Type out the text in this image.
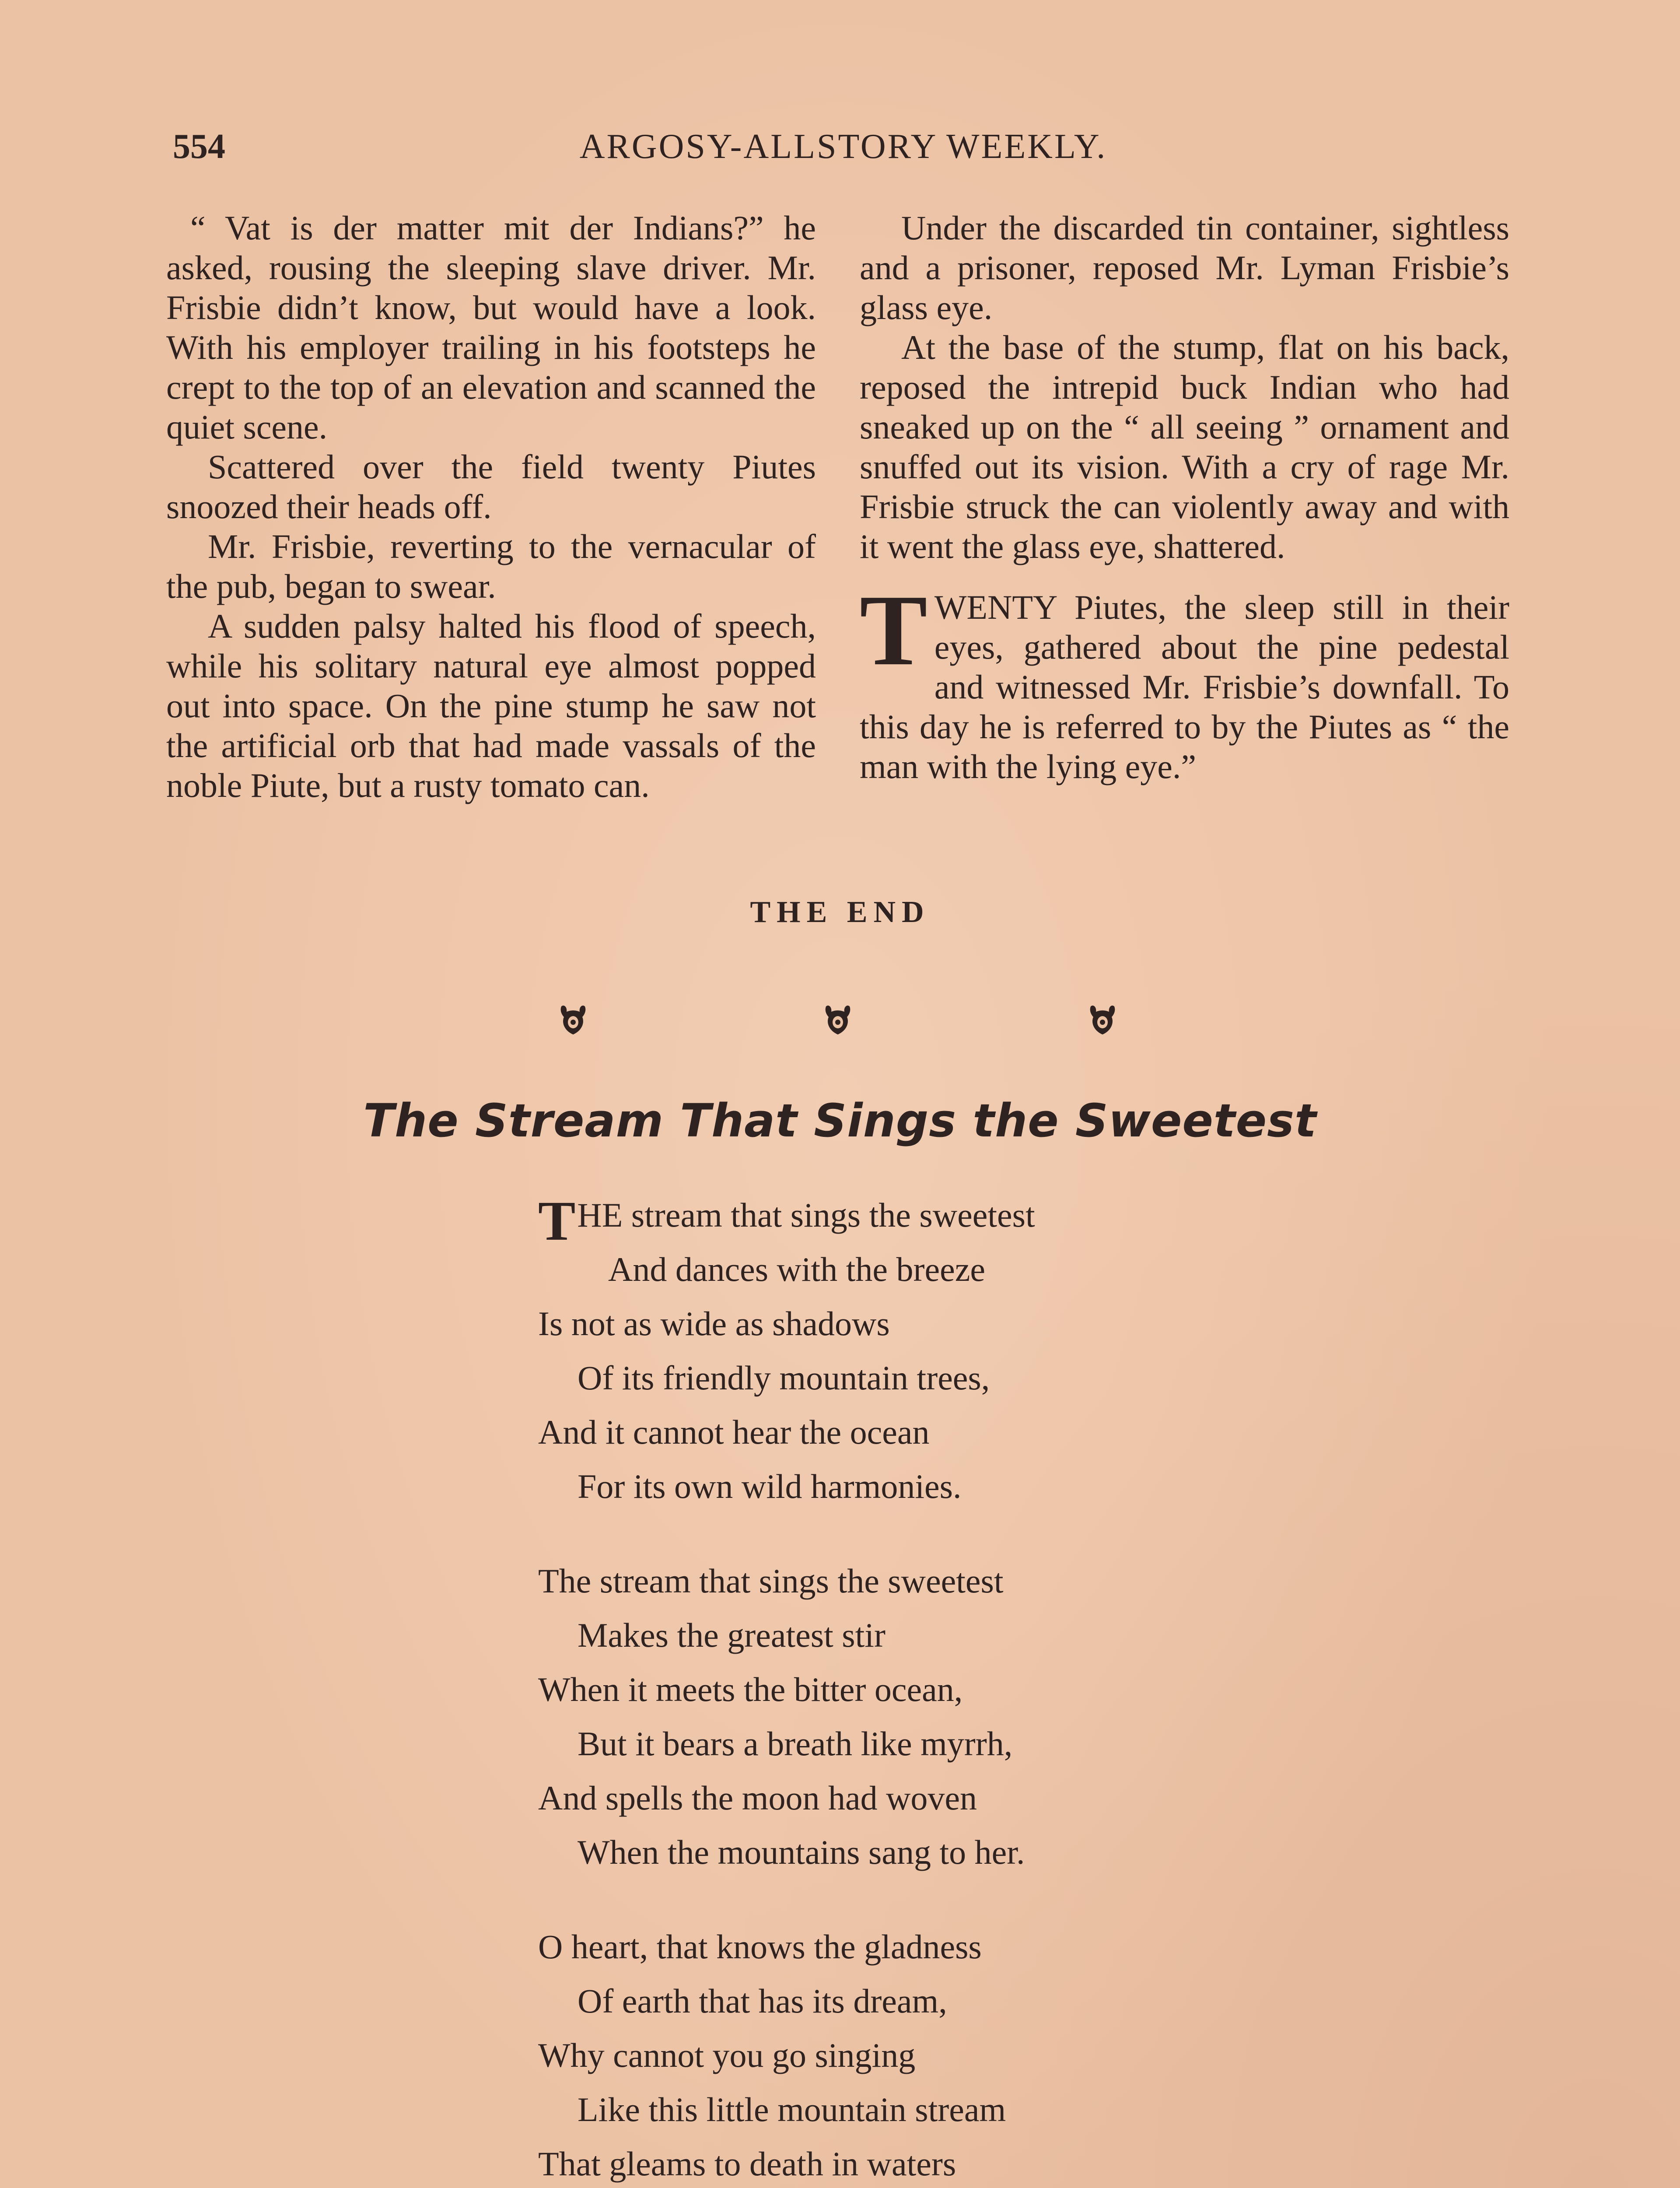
554	ARGOSY-ALLSTORY WEEKLY.

“ Vat is der matter mit der Indians?” he asked, rousing the sleeping slave driver. Mr. Frisbie didn’t know, but would have a look. With his employer trailing in his footsteps he crept to the top of an elevation and scanned the quiet scene.

Scattered over the field twenty Piutes snoozed their heads off.

Mr. Frisbie, reverting to the vernacular of the pub, began to swear.

A sudden palsy halted his flood of speech, while his solitary natural eye almost popped out into space. On the pine stump he saw not the artificial orb that had made vassals of the noble Piute, but a rusty tomato can.

Under the discarded tin container, sightless and a prisoner, reposed Mr. Lyman Frisbie’s glass eye.

At the base of the stump, flat on his back, reposed the intrepid buck Indian who had sneaked up on the “ all seeing ” ornament and snuffed out its vision. With a cry of rage Mr. Frisbie struck the can violently away and with it went the glass eye, shattered.

TWENTY Piutes, the sleep still in their eyes, gathered about the pine pedestal and witnessed Mr. Frisbie’s downfall. To this day he is referred to by the Piutes as “ the man with the lying eye.”

THE END
The Stream That Sings the Sweetest
THE stream that sings the sweetest
And dances with the breeze
Is not as wide as shadows
Of its friendly mountain trees,
And it cannot hear the ocean
For its own wild harmonies.
The stream that sings the sweetest
Makes the greatest stir
When it meets the bitter ocean,
But it bears a breath like myrrh,
And spells the moon had woven
When the mountains sang to her.
O heart, that knows the gladness
Of earth that has its dream,
Why cannot you go singing
Like this little mountain stream
That gleams to death in waters
